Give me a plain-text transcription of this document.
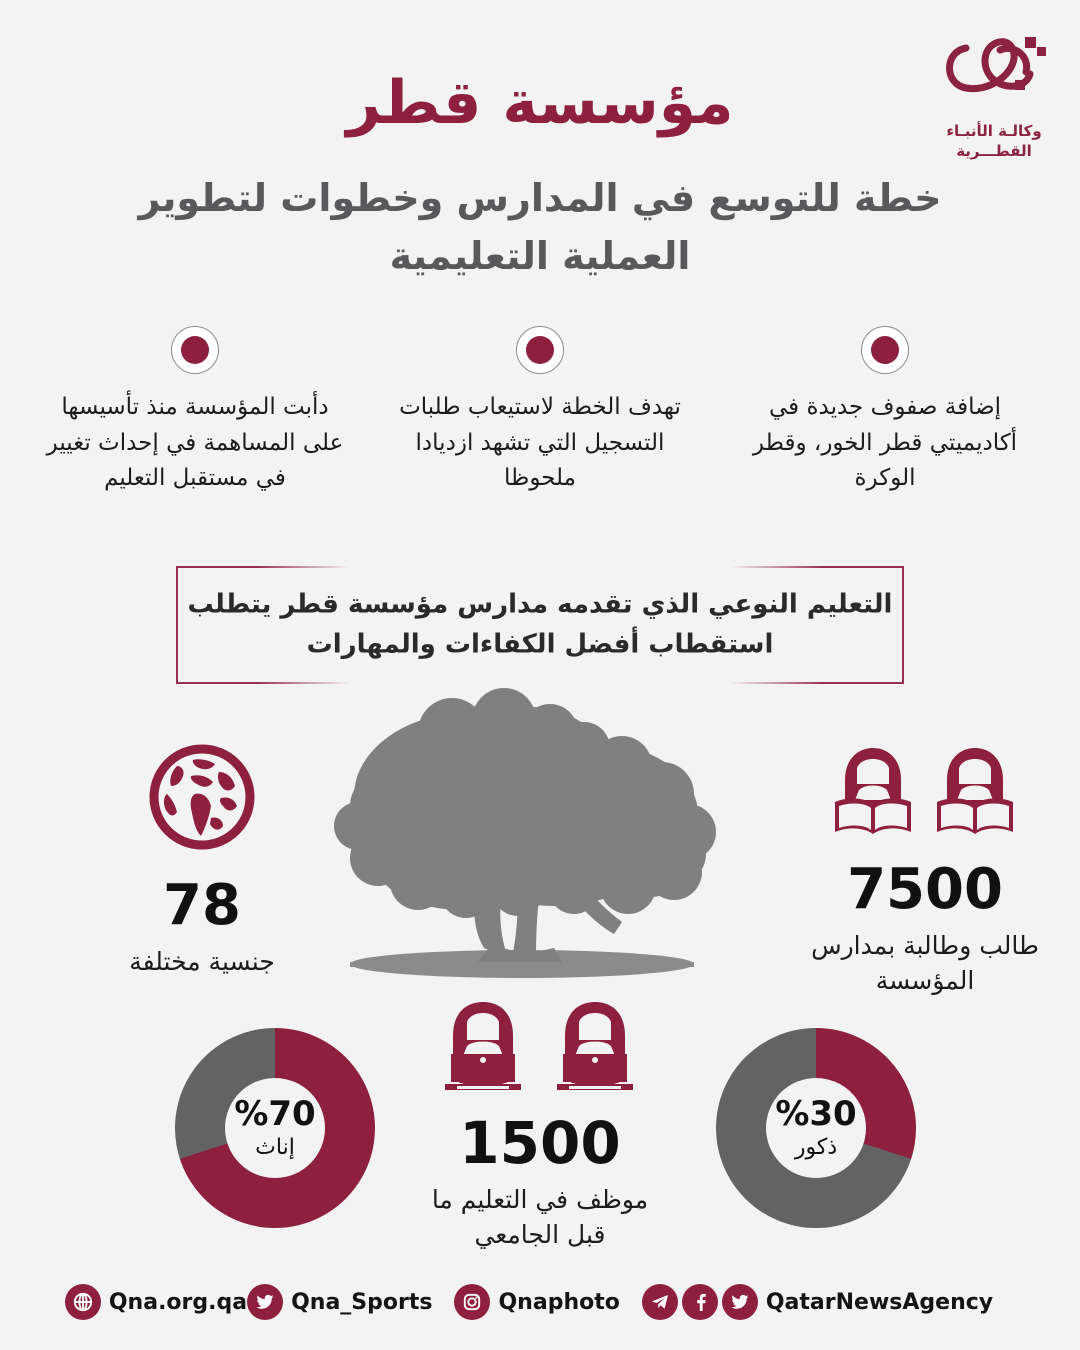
وكالـة الأنبـاء
القطـــرية
مؤسسة قطر
خطة للتوسع في المدارس وخطوات لتطوير العملية التعليمية
إضافة صفوف جديدة في أكاديميتي قطر الخور، وقطر الوكرة
تهدف الخطة لاستيعاب طلبات التسجيل التي تشهد ازديادا ملحوظا
دأبت المؤسسة منذ تأسيسها على المساهمة في إحداث تغيير في مستقبل التعليم
التعليم النوعي الذي تقدمه مدارس مؤسسة قطر يتطلب استقطاب أفضل الكفاءات والمهارات
78
جنسية مختلفة
7500
طالب وطالبة بمدارس المؤسسة
1500
موظف في التعليم ما قبل الجامعي
%70
إناث
%30
ذكور
QatarNewsAgency
Qnaphoto
Qna_Sports
Qna.org.qa
